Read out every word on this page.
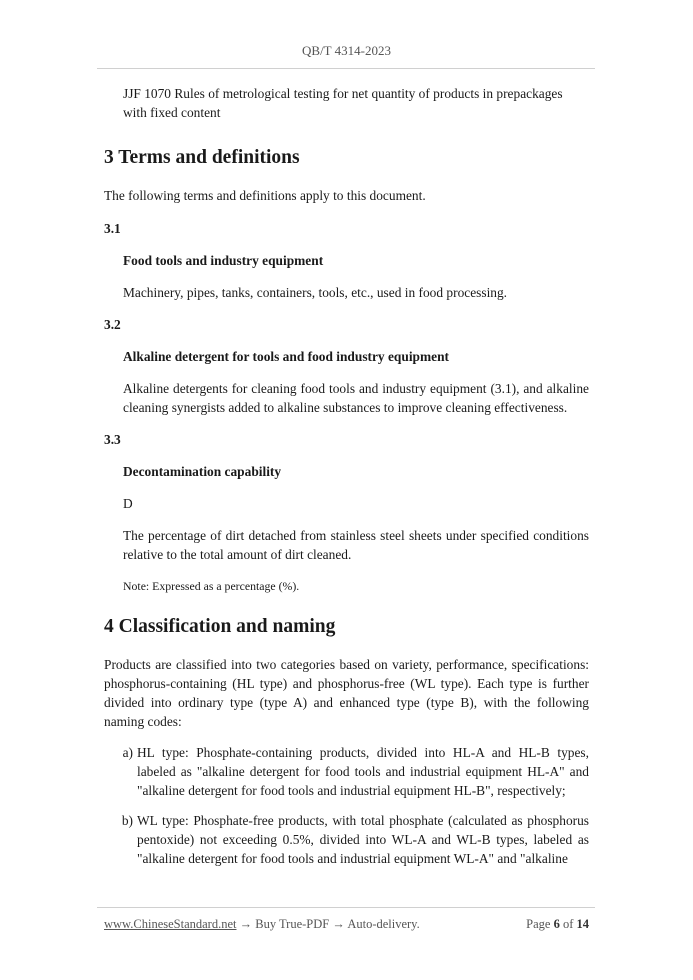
QB/T 4314-2023

JJF 1070 Rules of metrological testing for net quantity of products in prepackages with fixed content

3 Terms and definitions

The following terms and definitions apply to this document.

3.1

Food tools and industry equipment

Machinery, pipes, tanks, containers, tools, etc., used in food processing.

3.2

Alkaline detergent for tools and food industry equipment

Alkaline detergents for cleaning food tools and industry equipment (3.1), and alkaline cleaning synergists added to alkaline substances to improve cleaning effectiveness.

3.3

Decontamination capability

D

The percentage of dirt detached from stainless steel sheets under specified conditions relative to the total amount of dirt cleaned.

Note: Expressed as a percentage (%).

4 Classification and naming

Products are classified into two categories based on variety, performance, specifications: phosphorus-containing (HL type) and phosphorus-free (WL type). Each type is further divided into ordinary type (type A) and enhanced type (type B), with the following naming codes:

a) HL type: Phosphate-containing products, divided into HL-A and HL-B types, labeled as "alkaline detergent for food tools and industrial equipment HL-A" and "alkaline detergent for food tools and industrial equipment HL-B", respectively;
b) WL type: Phosphate-free products, with total phosphate (calculated as phosphorus pentoxide) not exceeding 0.5%, divided into WL-A and WL-B types, labeled as "alkaline detergent for food tools and industrial equipment WL-A" and "alkaline
www.ChineseStandard.net → Buy True-PDF → Auto-delivery.	Page 6 of 14
